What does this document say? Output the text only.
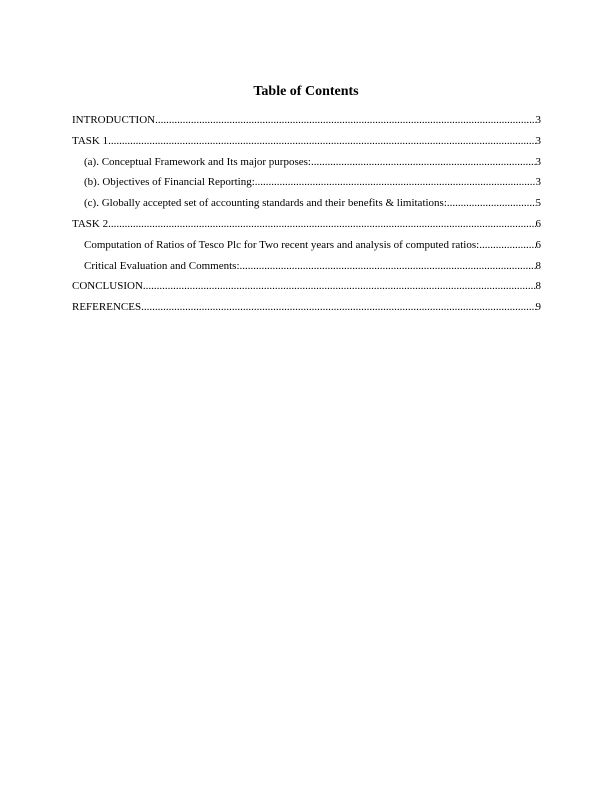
Table of Contents
INTRODUCTION .....	3
TASK 1 .....	3
(a). Conceptual Framework and Its major purposes: .....	3
(b). Objectives of Financial Reporting: .....	3
(c). Globally accepted set of accounting standards and their benefits & limitations: .....	5
TASK 2 .....	6
Computation of Ratios of Tesco Plc for Two recent years and analysis of computed ratios: .....	6
Critical Evaluation and Comments: .....	8
CONCLUSION .....	8
REFERENCES .....	9
